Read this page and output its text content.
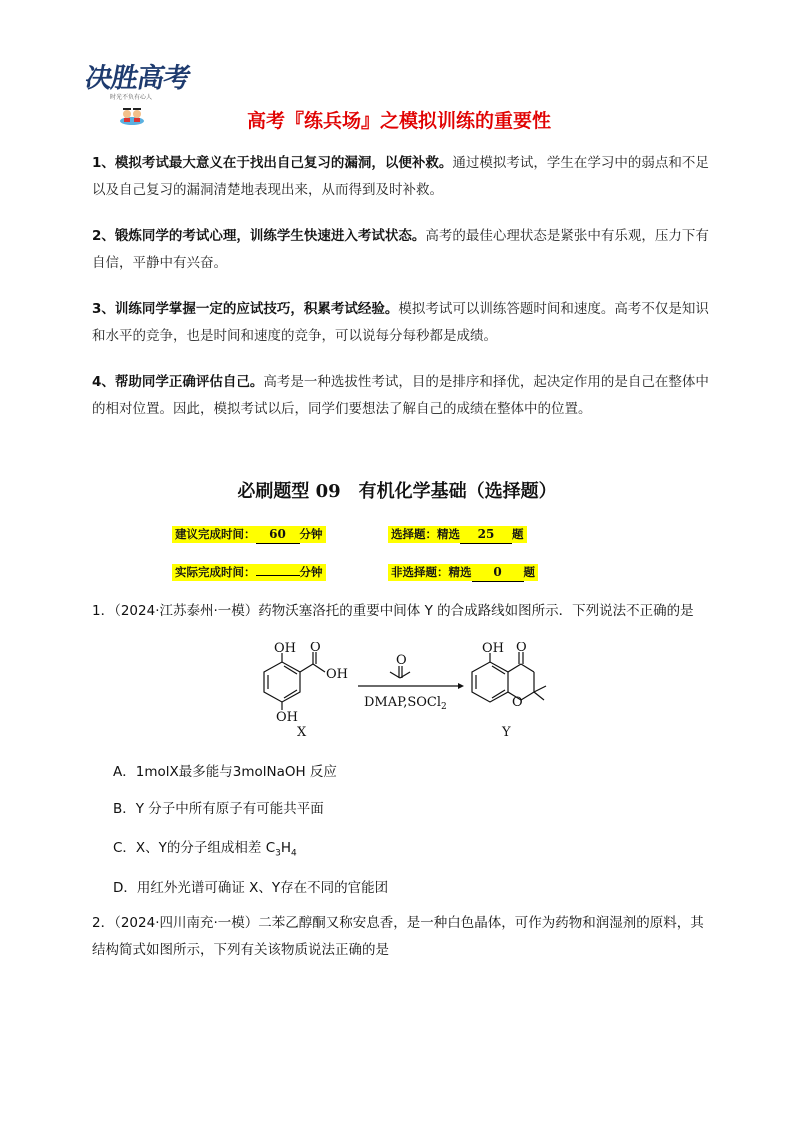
决胜高考
时光不负有心人
高考『练兵场』之模拟训练的重要性
1、模拟考试最大意义在于找出自己复习的漏洞，以便补救。通过模拟考试，学生在学习中的弱点和不足以及自己复习的漏洞清楚地表现出来，从而得到及时补救。
2、锻炼同学的考试心理，训练学生快速进入考试状态。高考的最佳心理状态是紧张中有乐观，压力下有自信，平静中有兴奋。
3、训练同学掌握一定的应试技巧，积累考试经验。模拟考试可以训练答题时间和速度。高考不仅是知识和水平的竞争，也是时间和速度的竞争，可以说每分每秒都是成绩。
4、帮助同学正确评估自己。高考是一种选拔性考试，目的是排序和择优，起决定作用的是自己在整体中的相对位置。因此，模拟考试以后，同学们要想法了解自己的成绩在整体中的位置。
必刷题型 09　有机化学基础（选择题）
建议完成时间： 60 分钟	选择题：精选 25 题
实际完成时间：	分钟	非选择题：精选 0 题
1．（2024·江苏泰州·一模）药物沃塞洛托的重要中间体 Y 的合成路线如图所示．下列说法不正确的是
OH O
OH
OH
X
O
DMAP,SOCl$_2$
OH O
O
Y
A．1molX最多能与3molNaOH 反应
B．Y 分子中所有原子有可能共平面
C．X、Y的分子组成相差 $C_3H_4$
D．用红外光谱可确证 X、Y存在不同的官能团
2．（2024·四川南充·一模）二苯乙醇酮又称安息香，是一种白色晶体，可作为药物和润湿剂的原料，其结构简式如图所示，下列有关该物质说法正确的是
